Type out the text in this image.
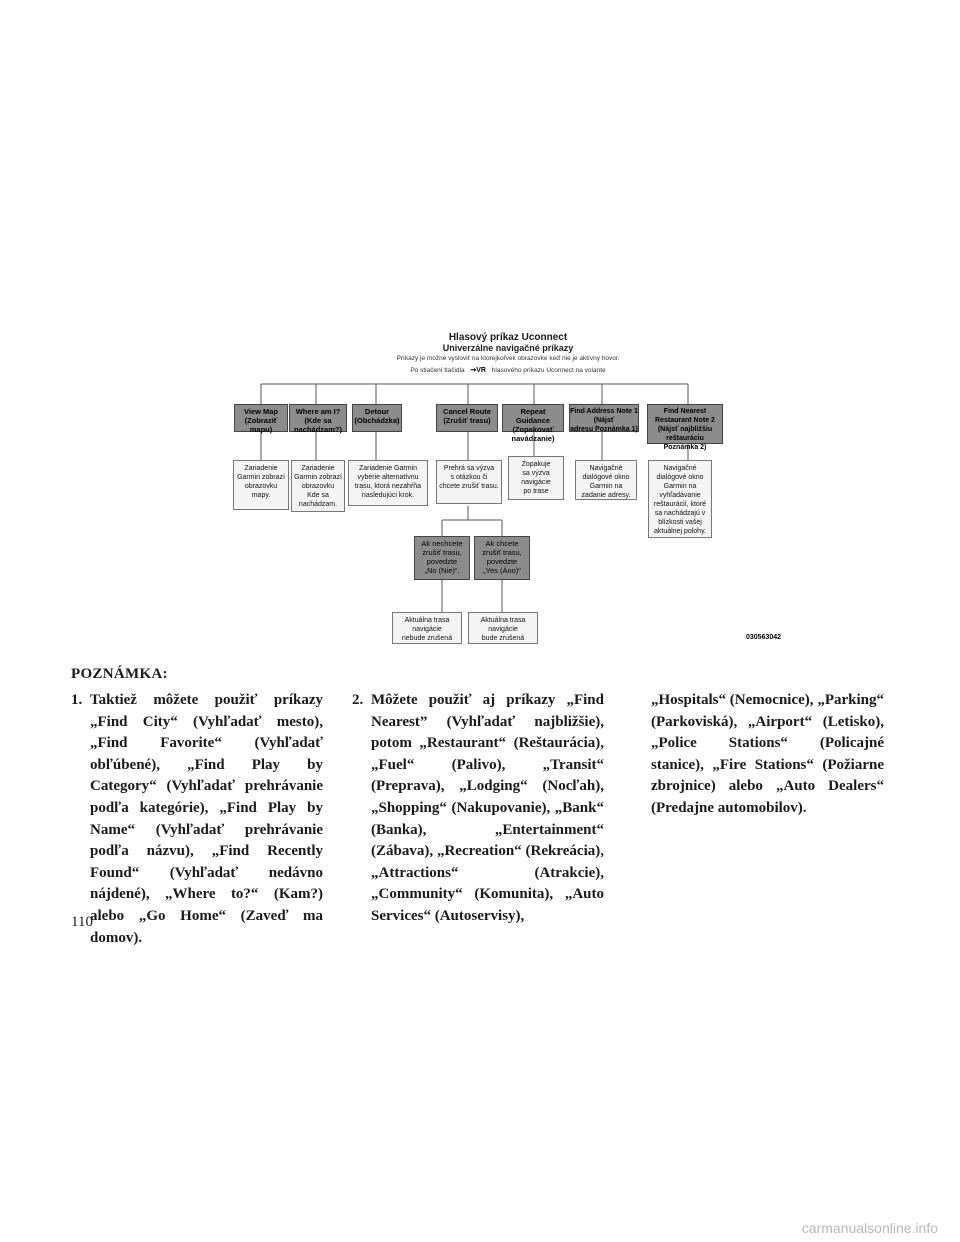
Hlasový príkaz Uconnect
Univerzálne navigačné príkazy
Príkazy je možné vysloviť na ktorejkoľvek obrazovke keď nie je aktívny hovor.
Po stlačení tlačidla ⇝VR hlasového príkazu Uconnect na volante
View Map
(Zobraziť
mapu)
Where am I?
(Kde sa
nachádzam?)
Detour
(Obchádzka)
Cancel Route
(Zrušiť trasu)
Repeat Guidance
(Zopakovať
navádzanie)
Find Address Note 1
(Nájsť
adresu Poznámka 1)
Find Nearest
Restaurant Note 2
(Nájsť najbližšiu
reštauráciu Poznámka 2)
Zariadenie
Garmin zobrazí
obrazovku
mapy.
Zariadenie
Garmin zobrazí
obrazovku
Kde sa
nachádzam.
Zariadenie Garmin
vyberie alternatívnu
trasu, ktorá nezahŕňa
nasledujúci krok.
Prehrá sa výzva
s otázkou či
chcete zrušiť trasu.
Zopakuje
sa výzva
navigácie
po trase
Navigačné
dialógové okno
Garmin na
zadanie adresy.
Navigačné
dialógové okno
Garmin na
vyhľadávanie
reštaurácií, ktoré
sa nachádzajú v
blízkosti vašej
aktuálnej polohy.
Ak nechcete
zrušiť trasu,
povedzte
„No (Nie)“.
Ak chcete
zrušiť trasu,
povedzte
„Yes (Áno)“
Aktuálna trasa
navigácie
nebude zrušená
Aktuálna trasa
navigácie
bude zrušená	030563042
POZNÁMKA:
1. Taktiež môžete použiť príkazy „Find City“ (Vyhľadať mesto), „Find Favorite“ (Vyhľadať obľúbené), „Find Play by Category“ (Vyhľadať prehrávanie podľa kategórie), „Find Play by Name“ (Vyhľadať prehrávanie podľa názvu), „Find Recently Found“ (Vyhľadať nedávno nájdené), „Where to?“ (Kam?) alebo „Go Home“ (Zaveď ma domov).
2. Môžete použiť aj príkazy „Find Nearest” (Vyhľadať najbližšie), potom „Restaurant“ (Reštaurácia), „Fuel“ (Palivo), „Transit“ (Preprava), „Lodging“ (Nocľah), „Shopping“ (Nakupovanie), „Bank“ (Banka), „Entertainment“ (Zábava), „Recreation“ (Rekreácia), „Attractions“ (Atrakcie), „Community“ (Komunita), „Auto Services“ (Autoservisy),
„Hospitals“ (Nemocnice), „Parking“ (Parkoviská), „Airport“ (Letisko), „Police Stations“ (Policajné stanice), „Fire Stations“ (Požiarne zbrojnice) alebo „Auto Dealers“ (Predajne automobilov).
110
carmanualsonline.info
